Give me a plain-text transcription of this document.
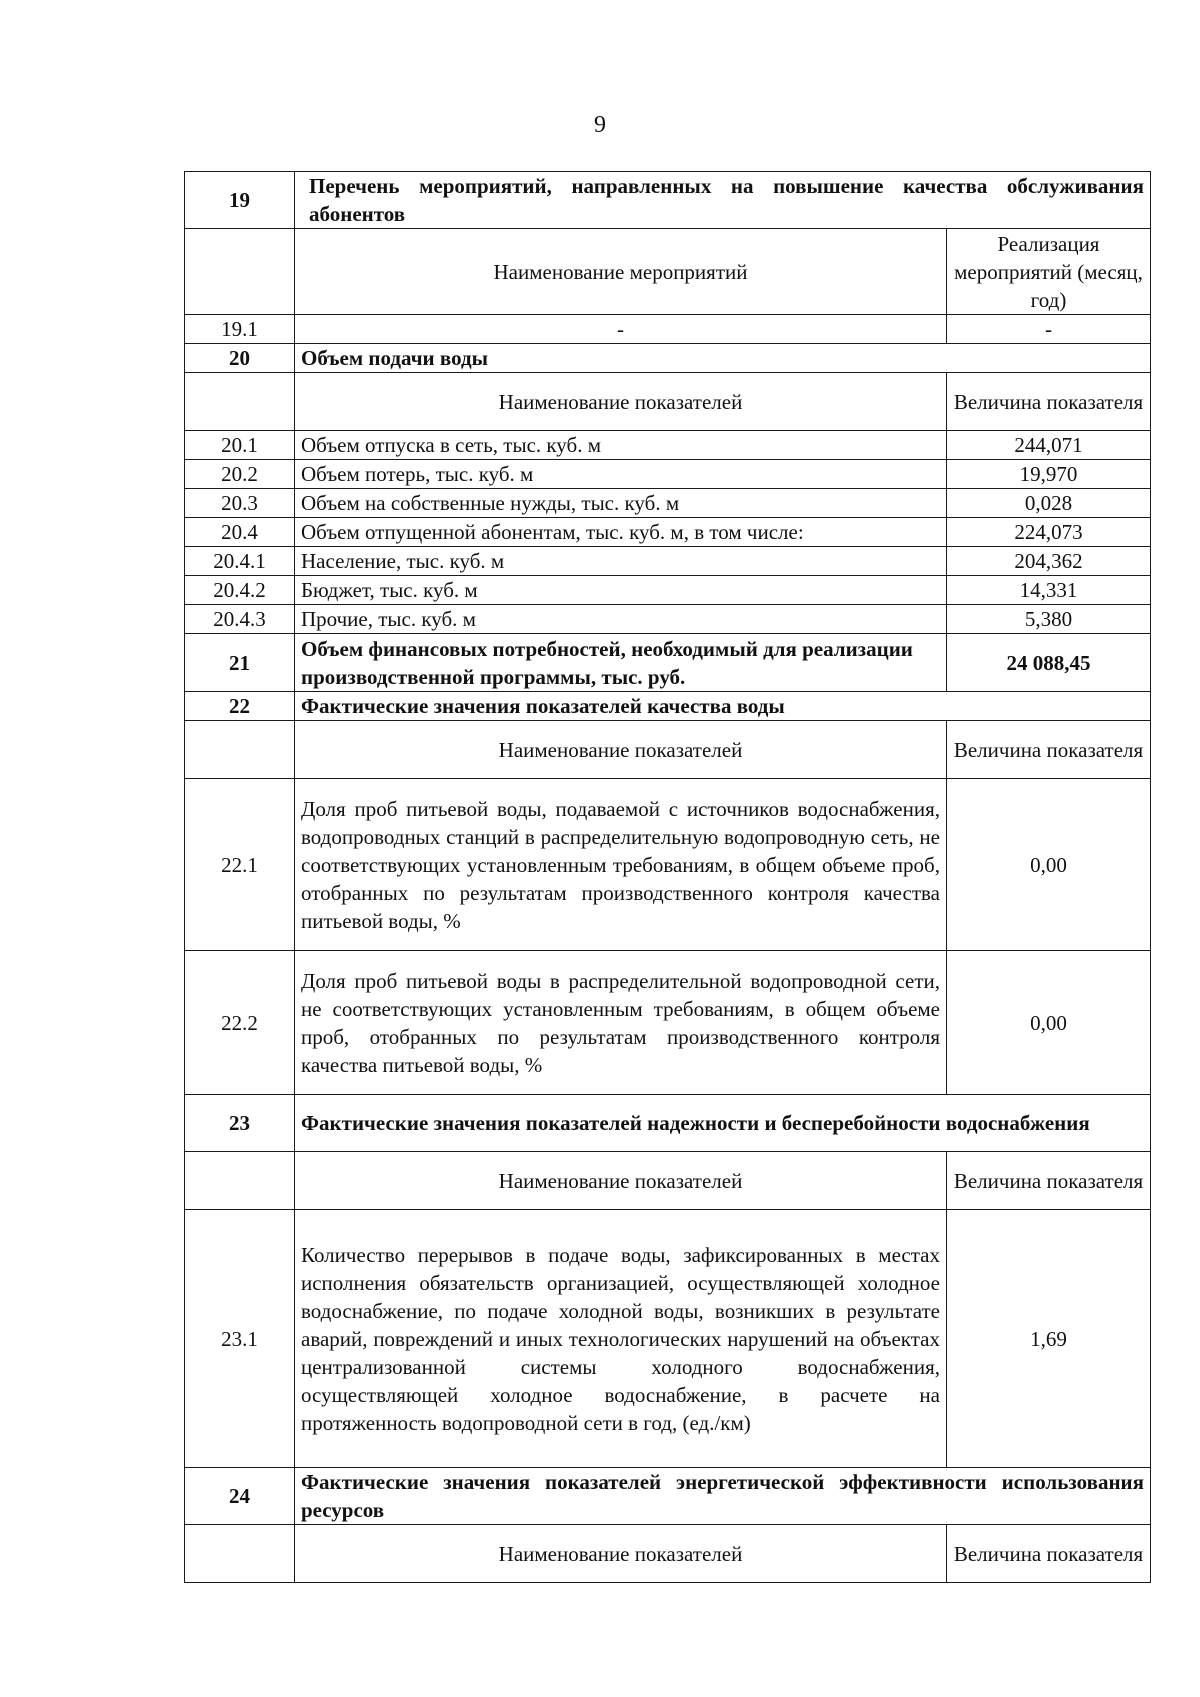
9
19	Перечень мероприятий, направленных на повышение качества обслуживания абонентов	
	Наименование мероприятий	Реализация мероприятий (месяц, год)
19.1	-	-
20	Объем подачи воды	
	Наименование показателей	Величина показателя
20.1	Объем отпуска в сеть, тыс. куб. м	244,071
20.2	Объем потерь, тыс. куб. м	19,970
20.3	Объем на собственные нужды, тыс. куб. м	0,028
20.4	Объем отпущенной абонентам, тыс. куб. м, в том числе:	224,073
20.4.1	Население, тыс. куб. м	204,362
20.4.2	Бюджет, тыс. куб. м	14,331
20.4.3	Прочие, тыс. куб. м	5,380
21	Объем финансовых потребностей, необходимый для реализации производственной программы, тыс. руб.	24 088,45
22	Фактические значения показателей качества воды	
	Наименование показателей	Величина показателя
22.1	Доля проб питьевой воды, подаваемой с источников водоснабжения, водопроводных станций в распределительную водопроводную сеть, не соответствующих установленным требованиям, в общем объеме проб, отобранных по результатам производственного контроля качества питьевой воды, %	0,00
22.2	Доля проб питьевой воды в распределительной водопроводной сети, не соответствующих установленным требованиям, в общем объеме проб, отобранных по результатам производственного контроля качества питьевой воды, %	0,00
23	Фактические значения показателей надежности и бесперебойности водоснабжения	
	Наименование показателей	Величина показателя
23.1	Количество перерывов в подаче воды, зафиксированных в местах исполнения обязательств организацией, осуществляющей холодное водоснабжение, по подаче холодной воды, возникших в результате аварий, повреждений и иных технологических нарушений на объектах централизованной системы холодного водоснабжения, осуществляющей холодное водоснабжение, в расчете на протяженность водопроводной сети в год, (ед./км)	1,69
24	Фактические значения показателей энергетической эффективности использования ресурсов	
	Наименование показателей	Величина показателя
